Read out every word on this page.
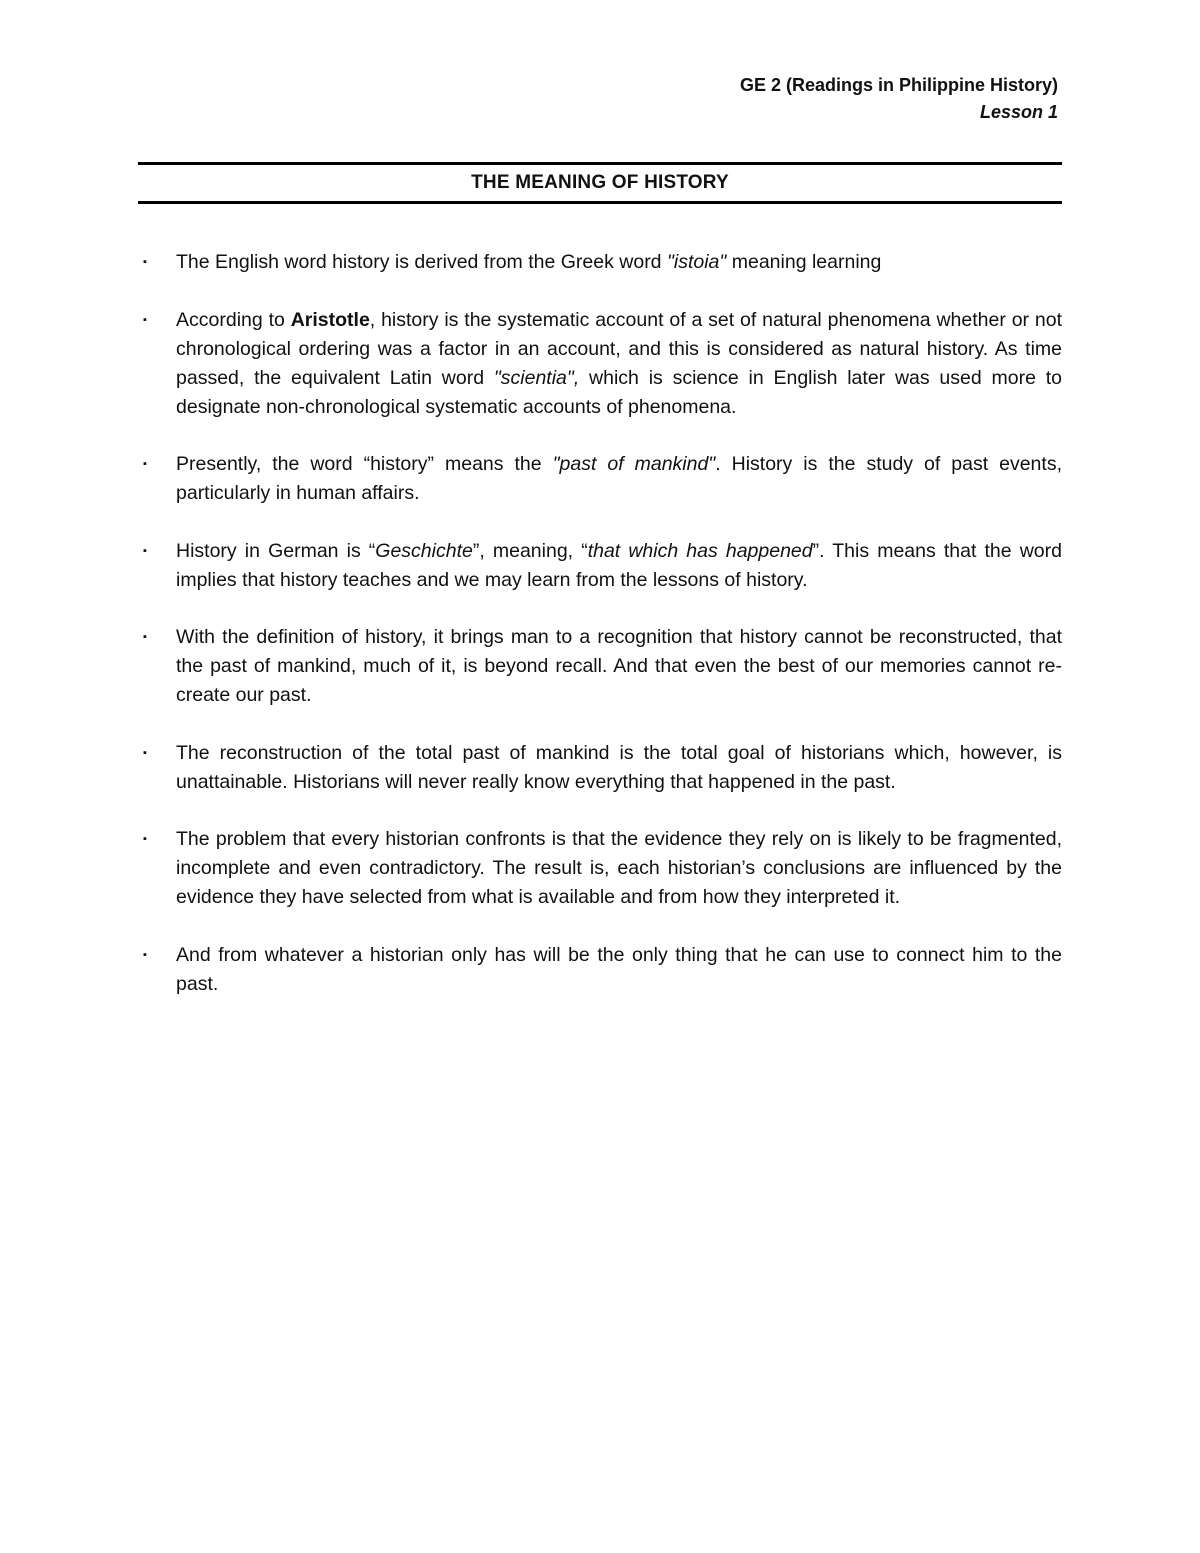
GE 2 (Readings in Philippine History)
Lesson 1
THE MEANING OF HISTORY
▪ The English word history is derived from the Greek word "istoia" meaning learning
▪ According to Aristotle, history is the systematic account of a set of natural phenomena whether or not chronological ordering was a factor in an account, and this is considered as natural history. As time passed, the equivalent Latin word "scientia", which is science in English later was used more to designate non-chronological systematic accounts of phenomena.
▪ Presently, the word “history” means the "past of mankind". History is the study of past events, particularly in human affairs.
▪ History in German is “Geschichte”, meaning, “that which has happened”. This means that the word implies that history teaches and we may learn from the lessons of history.
▪ With the definition of history, it brings man to a recognition that history cannot be reconstructed, that the past of mankind, much of it, is beyond recall. And that even the best of our memories cannot re-create our past.
▪ The reconstruction of the total past of mankind is the total goal of historians which, however, is unattainable. Historians will never really know everything that happened in the past.
▪ The problem that every historian confronts is that the evidence they rely on is likely to be fragmented, incomplete and even contradictory. The result is, each historian’s conclusions are influenced by the evidence they have selected from what is available and from how they interpreted it.
▪ And from whatever a historian only has will be the only thing that he can use to connect him to the past.
